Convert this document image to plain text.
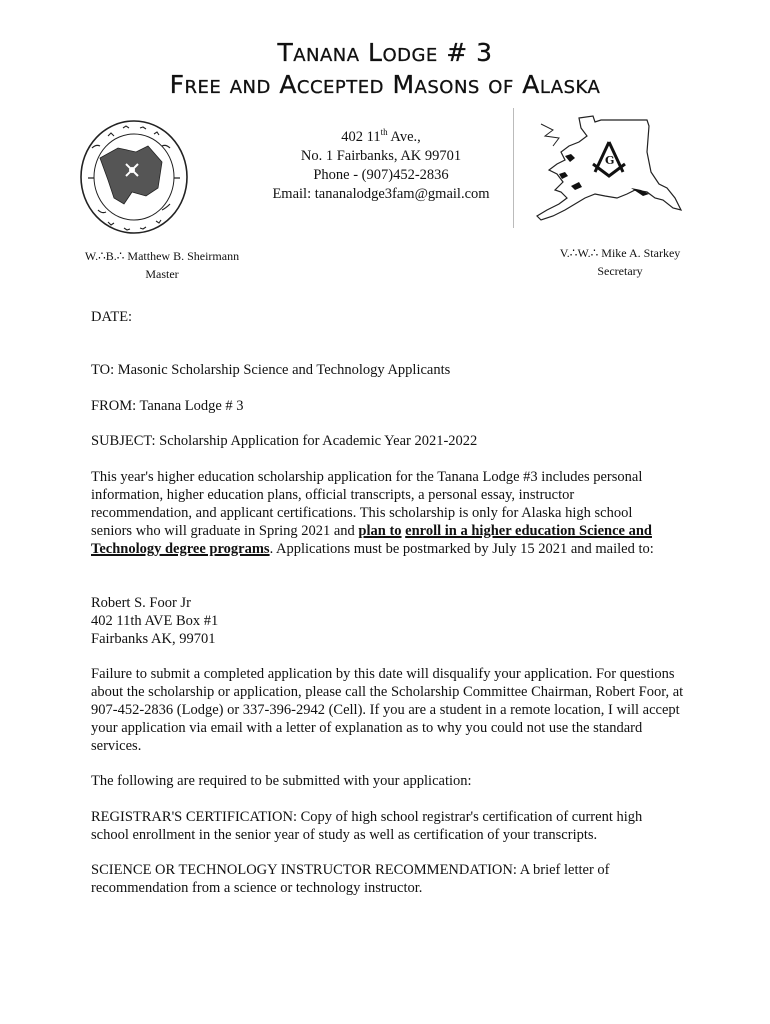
Tanana Lodge # 3
Free and Accepted Masons of Alaska
402 11th Ave.,
No. 1 Fairbanks, AK 99701
Phone - (907)452-2836
Email: tananalodge3fam@gmail.com
G
W.∴B.∴ Matthew B. Sheirmann
Master
V.∴W.∴ Mike A. Starkey
Secretary
DATE:
TO: Masonic Scholarship Science and Technology Applicants
FROM: Tanana Lodge # 3
SUBJECT: Scholarship Application for Academic Year 2021-2022

This year's higher education scholarship application for the Tanana Lodge #3 includes personal information, higher education plans, official transcripts, a personal essay, instructor recommendation, and applicant certifications. This scholarship is only for Alaska high school seniors who will graduate in Spring 2021 and plan to enroll in a higher education Science and Technology degree programs. Applications must be postmarked by July 15 2021 and mailed to:

Robert S. Foor Jr
402 11th AVE Box #1
Fairbanks AK, 99701
Failure to submit a completed application by this date will disqualify your application. For questions about the scholarship or application, please call the Scholarship Committee Chairman, Robert Foor, at 907-452-2836 (Lodge) or 337-396-2942 (Cell). If you are a student in a remote location, I will accept your application via email with a letter of explanation as to why you could not use the standard services.
The following are required to be submitted with your application:
REGISTRAR'S CERTIFICATION: Copy of high school registrar's certification of current high school enrollment in the senior year of study as well as certification of your transcripts.
SCIENCE OR TECHNOLOGY INSTRUCTOR RECOMMENDATION: A brief letter of recommendation from a science or technology instructor.
